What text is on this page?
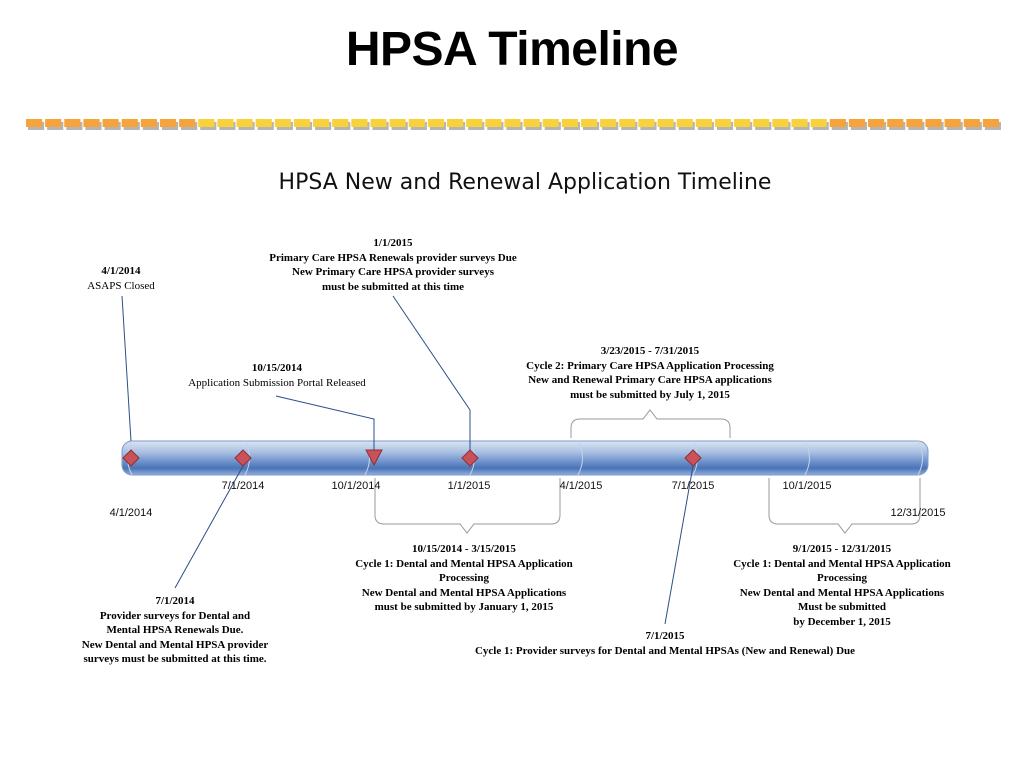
HPSA Timeline
HPSA New and Renewal Application Timeline
7/1/2014	10/1/2014	1/1/2015	4/1/2015	7/1/2015	10/1/2015
4/1/2014	12/31/2015
4/1/2014
ASAPS Closed
10/15/2014
Application Submission Portal Released
1/1/2015
Primary Care HPSA Renewals provider surveys Due
New Primary Care HPSA provider surveys
must be submitted at this time
3/23/2015 - 7/31/2015
Cycle 2: Primary Care HPSA Application Processing
New and Renewal Primary Care HPSA applications
must be submitted by July 1, 2015
7/1/2014
Provider surveys for Dental and
Mental HPSA Renewals Due.
New Dental and Mental HPSA provider
surveys must be submitted at this time.
10/15/2014 - 3/15/2015
Cycle 1: Dental and Mental HPSA Application
Processing
New Dental and Mental HPSA Applications
must be submitted by January 1, 2015
7/1/2015
Cycle 1: Provider surveys for Dental and Mental HPSAs (New and Renewal) Due
9/1/2015 - 12/31/2015
Cycle 1: Dental and Mental HPSA Application
Processing
New Dental and Mental HPSA Applications
Must be submitted
by December 1, 2015
